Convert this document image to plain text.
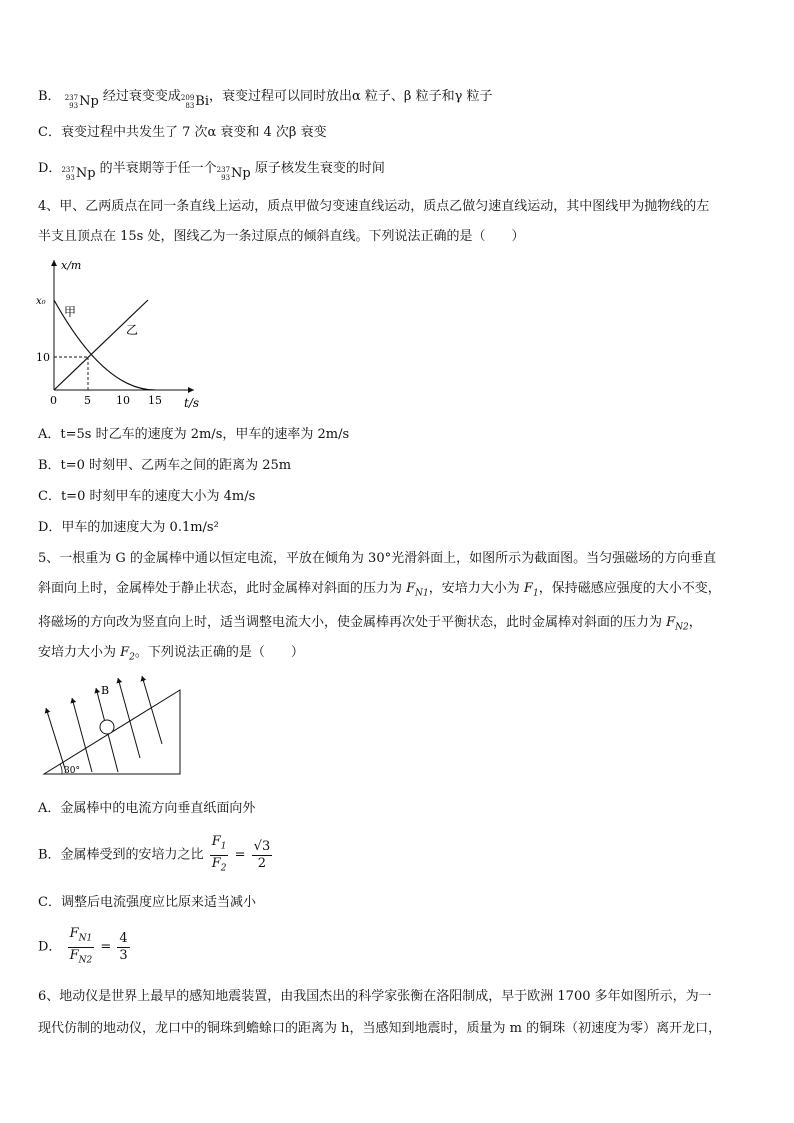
B． 237
93 Np 经过衰变变成 209
83 Bi ，衰变过程可以同时放出α 粒子、β 粒子和γ 粒子
C．衰变过程中共发生了 7 次α 衰变和 4 次β 衰变
D． 237
93 Np 的半衰期等于任一个 237
93 Np 原子核发生衰变的时间
4、甲、乙两质点在同一条直线上运动，质点甲做匀变速直线运动，质点乙做匀速直线运动，其中图线甲为抛物线的左
半支且顶点在 15s 处，图线乙为一条过原点的倾斜直线。下列说法正确的是（　　）
x/m
t/s
x₀
10
0 5 10 15
甲
乙
A．t=5s 时乙车的速度为 2m/s，甲车的速率为 2m/s
B．t=0 时刻甲、乙两车之间的距离为 25m
C．t=0 时刻甲车的速度大小为 4m/s
D．甲车的加速度大为 0.1m/s²
5、一根重为 G 的金属棒中通以恒定电流，平放在倾角为 30°光滑斜面上，如图所示为截面图。当匀强磁场的方向垂直
斜面向上时，金属棒处于静止状态，此时金属棒对斜面的压力为 $F_{N1}$，安培力大小为 $F_1$，保持磁感应强度的大小不变，
将磁场的方向改为竖直向上时，适当调整电流大小，使金属棒再次处于平衡状态，此时金属棒对斜面的压力为 $F_{N2}$，
安培力大小为 $F_2$。下列说法正确的是（　　）
B
30°
A．金属棒中的电流方向垂直纸面向外
B．金属棒受到的安培力之比 $\frac{F_1}{F_2} = \frac{√3}{2}$
C．调整后电流强度应比原来适当减小
D． $\frac{F_{N1}}{F_{N2}} = \frac{4}{3}$
6、地动仪是世界上最早的感知地震装置，由我国杰出的科学家张衡在洛阳制成，早于欧洲 1700 多年如图所示，为一
现代仿制的地动仪，龙口中的铜珠到蟾蜍口的距离为 h，当感知到地震时，质量为 m 的铜珠（初速度为零）离开龙口，
